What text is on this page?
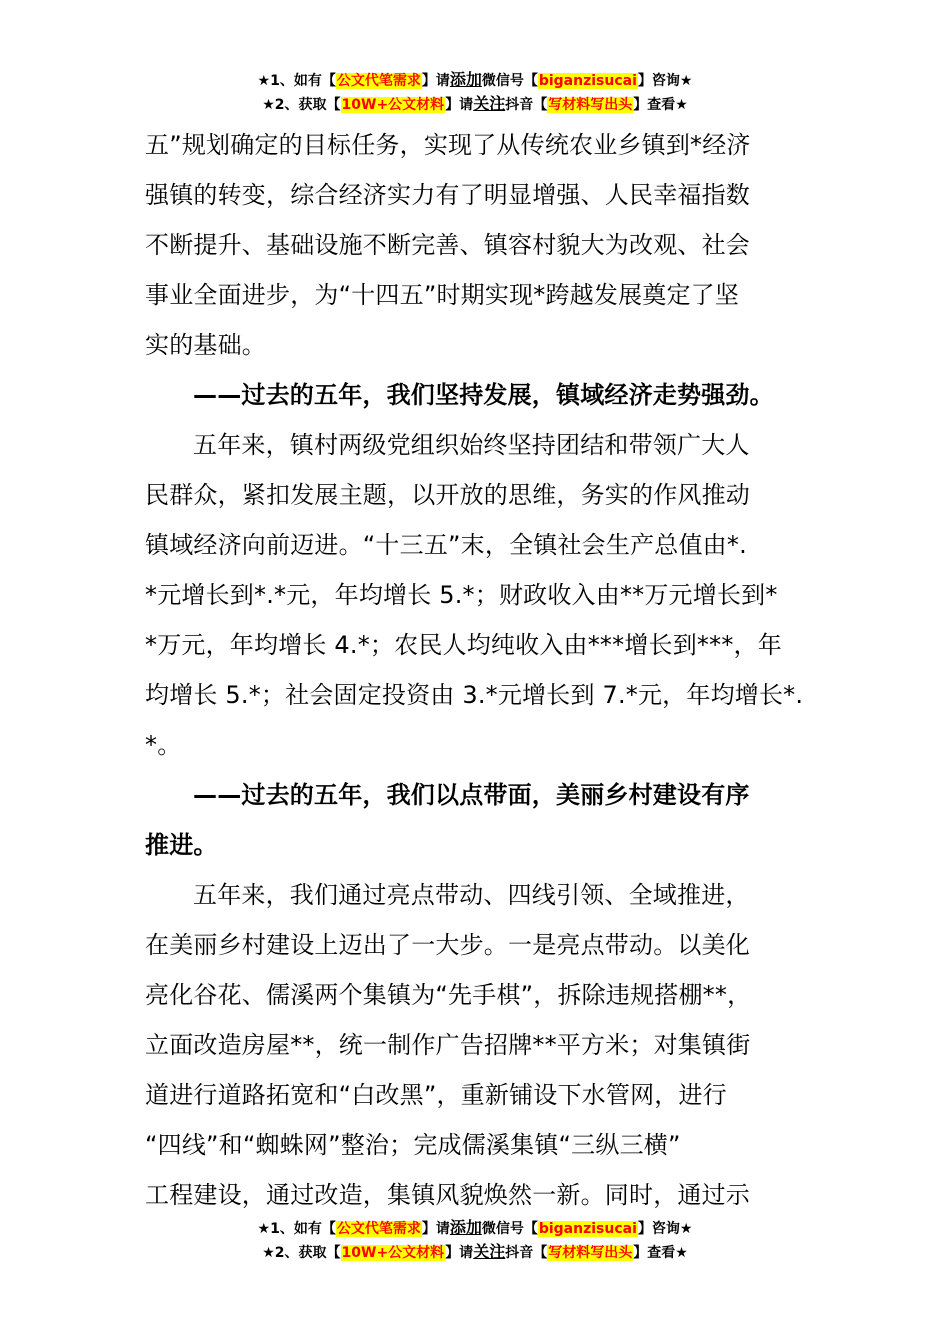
★1、如有【公文代笔需求】请添加微信号【biganzisucai】咨询★
★2、获取【10W+公文材料】请关注抖音【写材料写出头】查看★
五”规划确定的目标任务，实现了从传统农业乡镇到*经济
强镇的转变，综合经济实力有了明显增强、人民幸福指数
不断提升、基础设施不断完善、镇容村貌大为改观、社会
事业全面进步，为“十四五”时期实现*跨越发展奠定了坚
实的基础。
——过去的五年，我们坚持发展，镇域经济走势强劲。
五年来，镇村两级党组织始终坚持团结和带领广大人
民群众，紧扣发展主题，以开放的思维，务实的作风推动
镇域经济向前迈进。“十三五”末，全镇社会生产总值由*.
*元增长到*.*元，年均增长 5.*；财政收入由**万元增长到*
*万元，年均增长 4.*；农民人均纯收入由***增长到***，年
均增长 5.*；社会固定投资由 3.*元增长到 7.*元，年均增长*.
*。
——过去的五年，我们以点带面，美丽乡村建设有序
推进。
五年来，我们通过亮点带动、四线引领、全域推进，
在美丽乡村建设上迈出了一大步。一是亮点带动。以美化
亮化谷花、儒溪两个集镇为“先手棋”，拆除违规搭棚**，
立面改造房屋**，统一制作广告招牌**平方米；对集镇街
道进行道路拓宽和“白改黑”，重新铺设下水管网，进行
“四线”和“蜘蛛网”整治；完成儒溪集镇“三纵三横”
工程建设，通过改造，集镇风貌焕然一新。同时，通过示
★1、如有【公文代笔需求】请添加微信号【biganzisucai】咨询★
★2、获取【10W+公文材料】请关注抖音【写材料写出头】查看★
